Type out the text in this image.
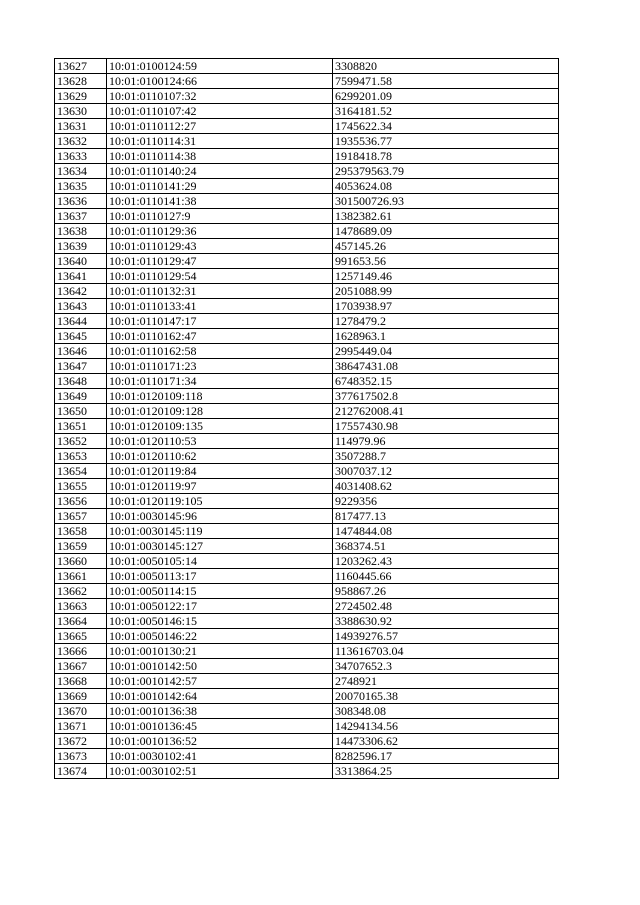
13627	10:01:0100124:59	3308820
13628	10:01:0100124:66	7599471.58
13629	10:01:0110107:32	6299201.09
13630	10:01:0110107:42	3164181.52
13631	10:01:0110112:27	1745622.34
13632	10:01:0110114:31	1935536.77
13633	10:01:0110114:38	1918418.78
13634	10:01:0110140:24	295379563.79
13635	10:01:0110141:29	4053624.08
13636	10:01:0110141:38	301500726.93
13637	10:01:0110127:9	1382382.61
13638	10:01:0110129:36	1478689.09
13639	10:01:0110129:43	457145.26
13640	10:01:0110129:47	991653.56
13641	10:01:0110129:54	1257149.46
13642	10:01:0110132:31	2051088.99
13643	10:01:0110133:41	1703938.97
13644	10:01:0110147:17	1278479.2
13645	10:01:0110162:47	1628963.1
13646	10:01:0110162:58	2995449.04
13647	10:01:0110171:23	38647431.08
13648	10:01:0110171:34	6748352.15
13649	10:01:0120109:118	377617502.8
13650	10:01:0120109:128	212762008.41
13651	10:01:0120109:135	17557430.98
13652	10:01:0120110:53	114979.96
13653	10:01:0120110:62	3507288.7
13654	10:01:0120119:84	3007037.12
13655	10:01:0120119:97	4031408.62
13656	10:01:0120119:105	9229356
13657	10:01:0030145:96	817477.13
13658	10:01:0030145:119	1474844.08
13659	10:01:0030145:127	368374.51
13660	10:01:0050105:14	1203262.43
13661	10:01:0050113:17	1160445.66
13662	10:01:0050114:15	958867.26
13663	10:01:0050122:17	2724502.48
13664	10:01:0050146:15	3388630.92
13665	10:01:0050146:22	14939276.57
13666	10:01:0010130:21	113616703.04
13667	10:01:0010142:50	34707652.3
13668	10:01:0010142:57	2748921
13669	10:01:0010142:64	20070165.38
13670	10:01:0010136:38	308348.08
13671	10:01:0010136:45	14294134.56
13672	10:01:0010136:52	14473306.62
13673	10:01:0030102:41	8282596.17
13674	10:01:0030102:51	3313864.25
